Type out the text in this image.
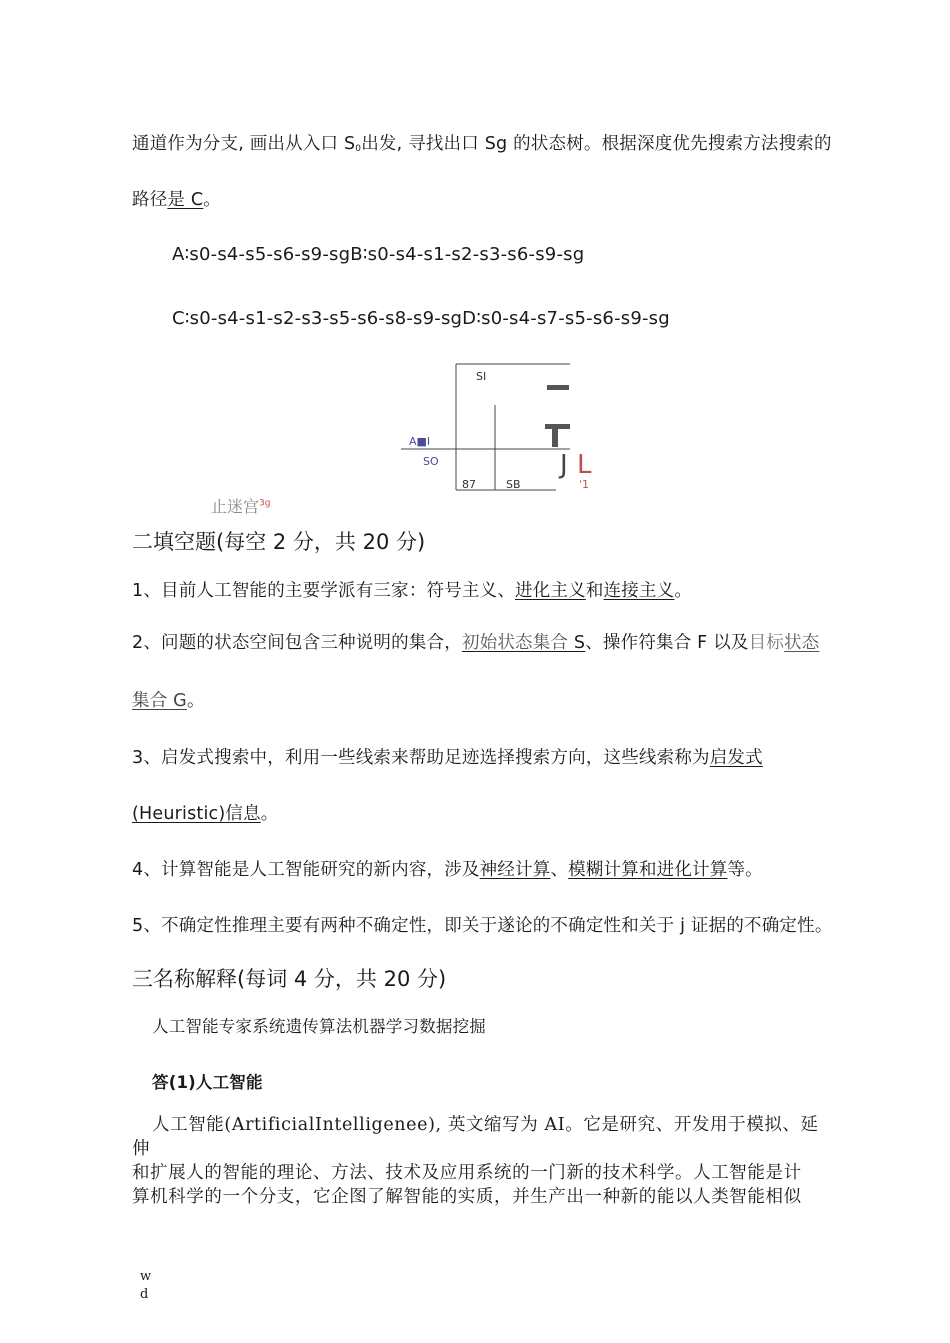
通道作为分支, 画出从入口 $S_0$出发, 寻找出口 Sg 的状态树。根据深度优先搜索方法搜索的
路径是 C。
A∶s0-s4-s5-s6-s9-sgB∶s0-s4-s1-s2-s3-s6-s9-sg
C∶s0-s4-s1-s2-s3-s5-s6-s8-s9-sgD∶s0-s4-s7-s5-s6-s9-sg
SI
A■I
SO
87	SB
J L
ˈ1
止迷宫$^{3g}$
二填空题(每空 2 分，共 20 分)
1、目前人工智能的主要学派有三家：符号主义、进化主义和连接主义。
2、问题的状态空间包含三种说明的集合，初始状态集合 S、操作符集合 F 以及目标状态
集合 G。
3、启发式搜索中，利用一些线索来帮助足迹选择搜索方向，这些线索称为启发式
(Heuristic)信息。
4、计算智能是人工智能研究的新内容，涉及神经计算、模糊计算和进化计算等。
5、不确定性推理主要有两种不确定性，即关于遂论的不确定性和关于 j 证据的不确定性。
三名称解释(每词 4 分，共 20 分)
人工智能专家系统遗传算法机器学习数据挖掘
答(1)人工智能
人工智能(ArtificialIntelligenee), 英文缩写为 AI。它是研究、开发用于模拟、延
伸
和扩展人的智能的理论、方法、技术及应用系统的一门新的技术科学。人工智能是计
算机科学的一个分支，它企图了解智能的实质，并生产出一种新的能以人类智能相似
w
d
